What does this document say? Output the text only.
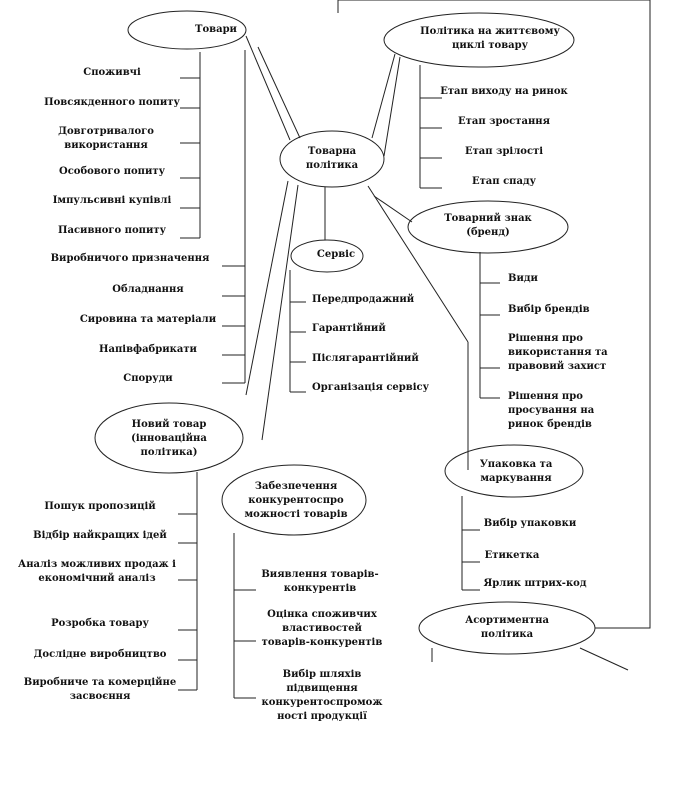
Товарна політика
Товари
Споживчі
Повсякденного попиту
Довготривалого використання
Особового попиту
Імпульсивні купівлі
Пасивного попиту
Виробничого призначення
Обладнання
Сировина та матеріали
Напівфабрикати
Споруди
Політика на життєвому циклі товару
Етап виходу на ринок
Етап зростання
Етап зрілості
Етап спаду
Товарний знак (бренд)
Види
Вибір брендів
Рішення про використання та правовий захист
Рішення про просування на ринок брендів
Сервіс
Передпродажний
Гарантійний
Післягарантійний
Організація сервісу
Новий товар (інноваційна політика)
Пошук пропозицій
Відбір найкращих ідей
Аналіз можливих продаж і економічний аналіз
Розробка товару
Дослідне виробництво
Виробниче та комерційне засвоєння
Забезпечення конкурентоспро можності товарів
Виявлення товарів-конкурентів
Оцінка споживчих властивостей товарів-конкурентів
Вибір шляхів підвищення конкурентоспромож ності продукції
Упаковка та маркування
Вибір упаковки
Етикетка
Ярлик штрих-код
Асортиментна політика
